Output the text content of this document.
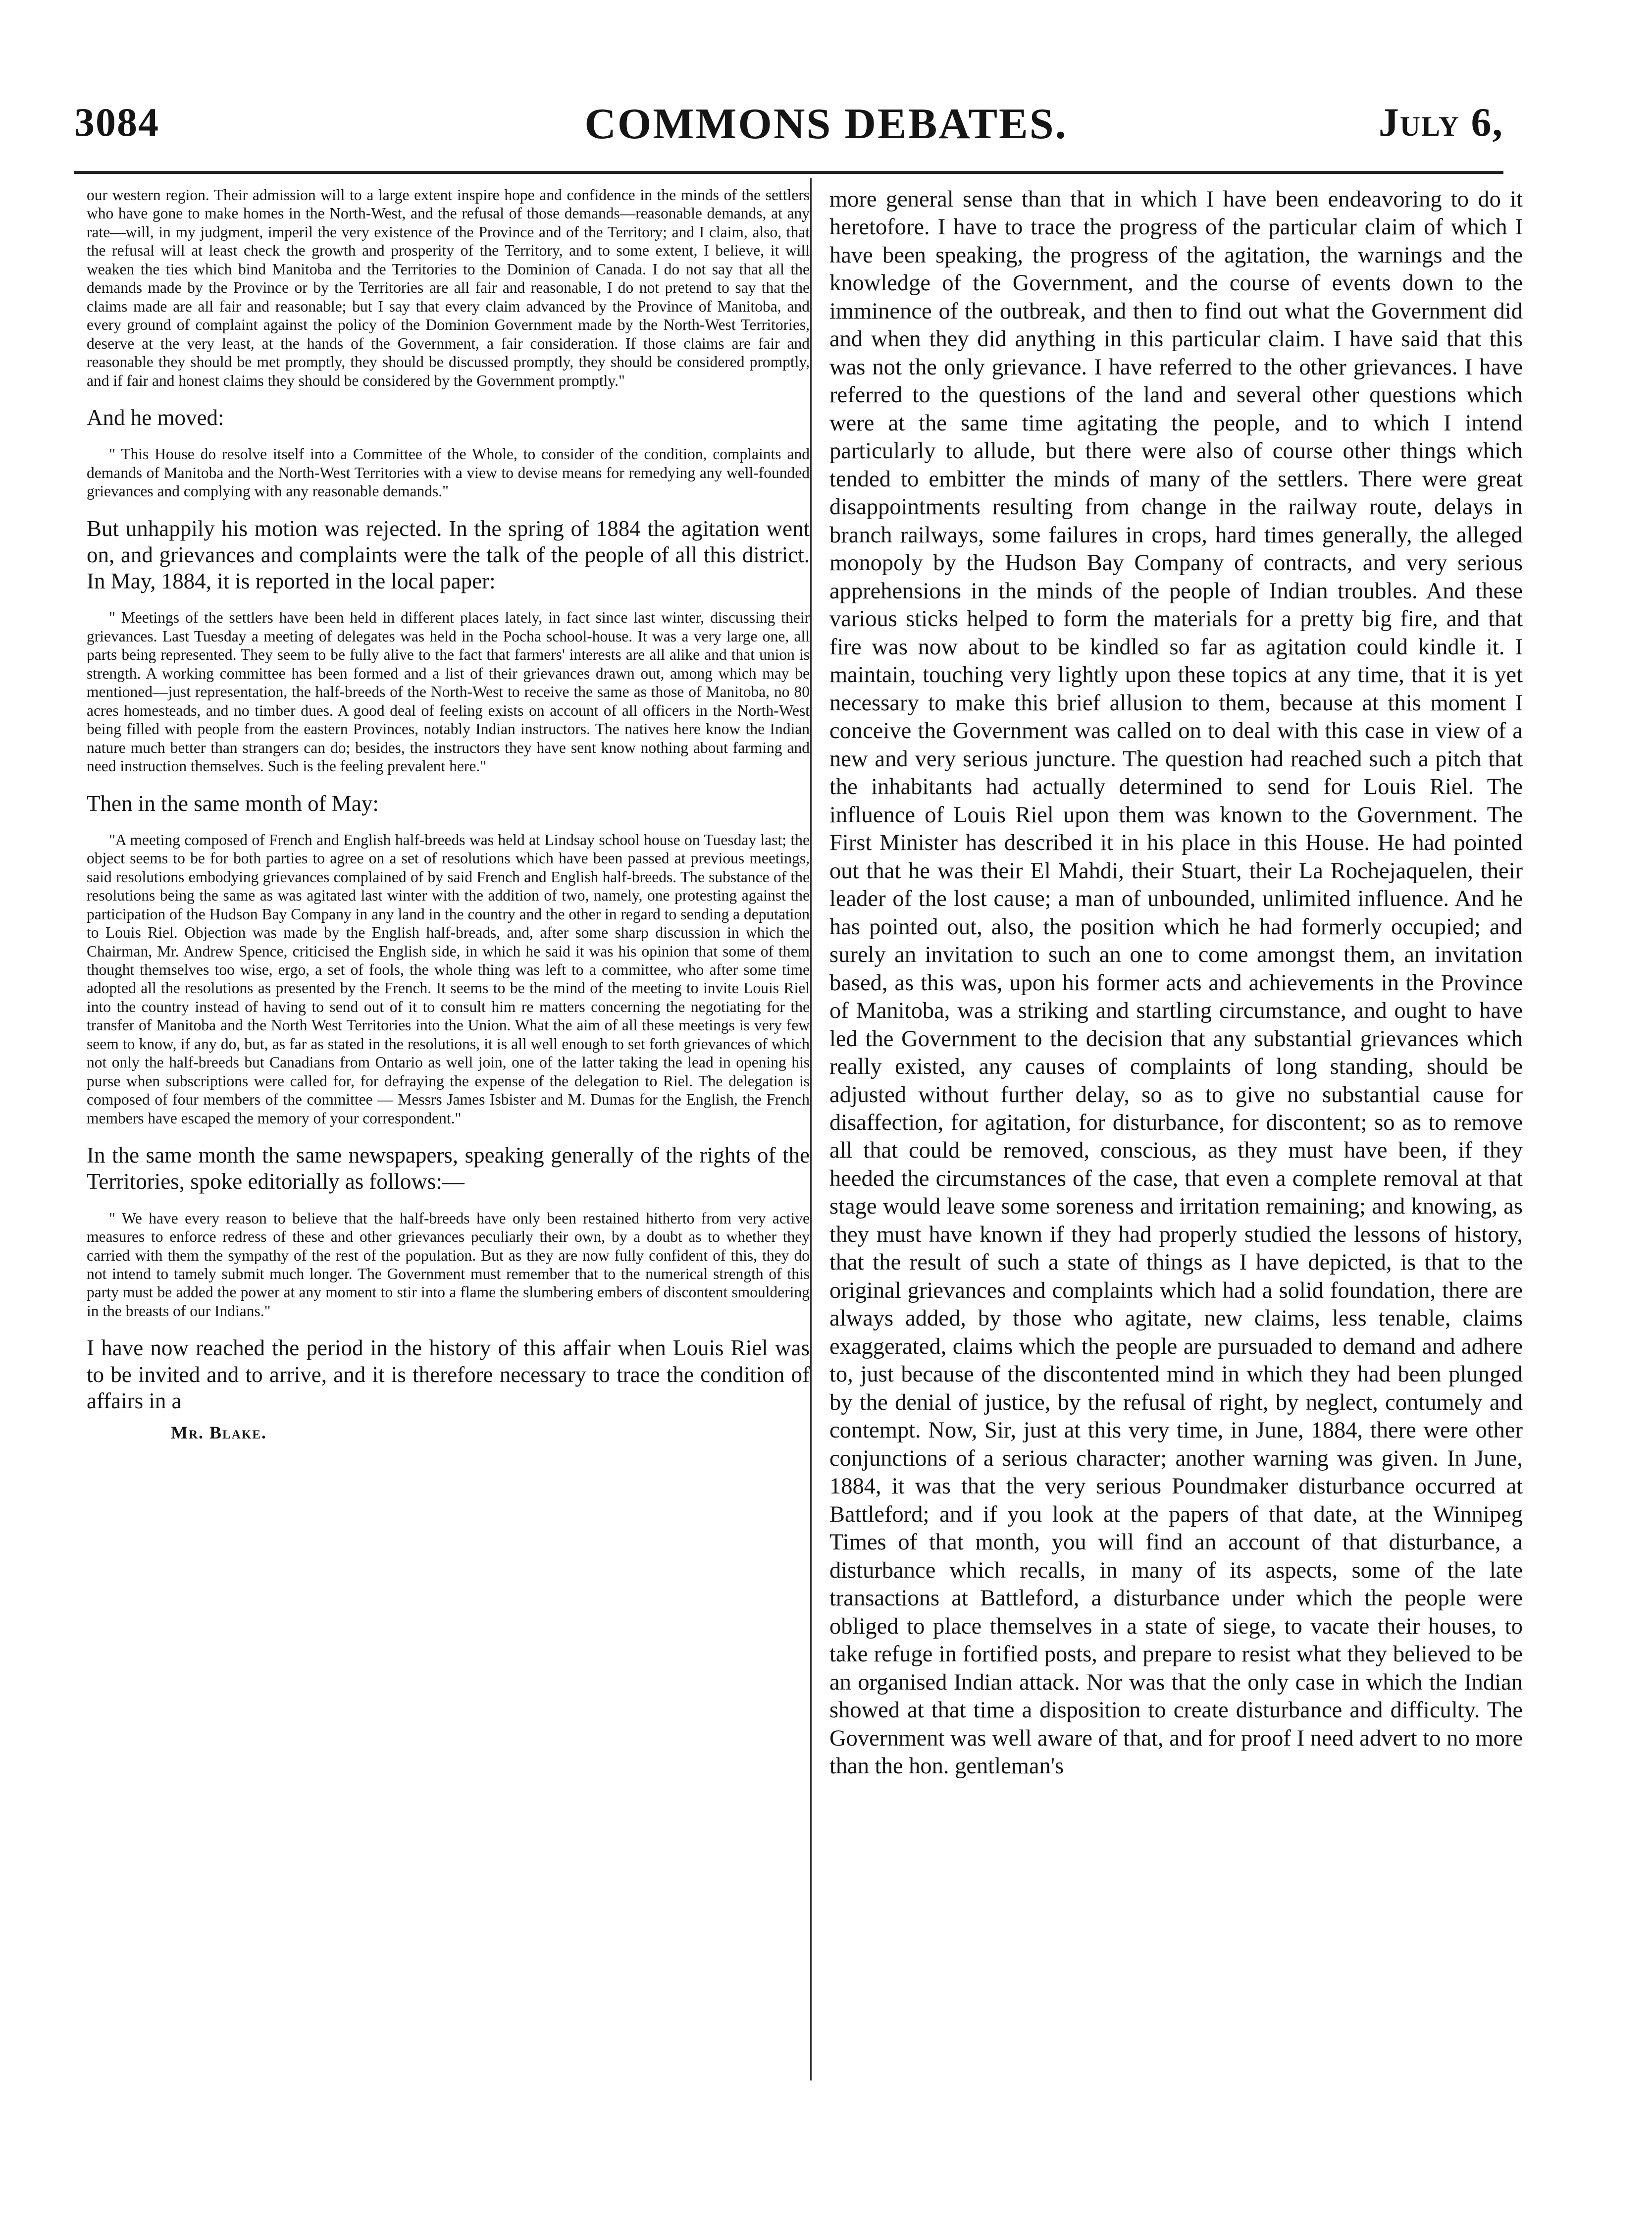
3084	COMMONS DEBATES.	July 6,

our western region. Their admission will to a large extent inspire hope and confidence in the minds of the settlers who have gone to make homes in the North-West, and the refusal of those demands—reasonable demands, at any rate—will, in my judgment, imperil the very existence of the Province and of the Territory; and I claim, also, that the refusal will at least check the growth and prosperity of the Territory, and to some extent, I believe, it will weaken the ties which bind Manitoba and the Territories to the Dominion of Canada. I do not say that all the demands made by the Province or by the Territories are all fair and reasonable, I do not pretend to say that the claims made are all fair and reasonable; but I say that every claim advanced by the Province of Manitoba, and every ground of complaint against the policy of the Dominion Government made by the North-West Territories, deserve at the very least, at the hands of the Government, a fair consideration. If those claims are fair and reasonable they should be met promptly, they should be discussed promptly, they should be considered promptly, and if fair and honest claims they should be considered by the Government promptly."

And he moved:

" This House do resolve itself into a Committee of the Whole, to consider of the condition, complaints and demands of Manitoba and the North-West Territories with a view to devise means for remedying any well-founded grievances and complying with any reasonable demands."

But unhappily his motion was rejected. In the spring of 1884 the agitation went on, and grievances and complaints were the talk of the people of all this district. In May, 1884, it is reported in the local paper:

" Meetings of the settlers have been held in different places lately, in fact since last winter, discussing their grievances. Last Tuesday a meeting of delegates was held in the Pocha school-house. It was a very large one, all parts being represented. They seem to be fully alive to the fact that farmers' interests are all alike and that union is strength. A working committee has been formed and a list of their grievances drawn out, among which may be mentioned—just representation, the half-breeds of the North-West to receive the same as those of Manitoba, no 80 acres homesteads, and no timber dues. A good deal of feeling exists on account of all officers in the North-West being filled with people from the eastern Provinces, notably Indian instructors. The natives here know the Indian nature much better than strangers can do; besides, the instructors they have sent know nothing about farming and need instruction themselves. Such is the feeling prevalent here."

Then in the same month of May:

"A meeting composed of French and English half-breeds was held at Lindsay school house on Tuesday last; the object seems to be for both parties to agree on a set of resolutions which have been passed at previous meetings, said resolutions embodying grievances complained of by said French and English half-breeds. The substance of the resolutions being the same as was agitated last winter with the addition of two, namely, one protesting against the participation of the Hudson Bay Company in any land in the country and the other in regard to sending a deputation to Louis Riel. Objection was made by the English half-breads, and, after some sharp discussion in which the Chairman, Mr. Andrew Spence, criticised the English side, in which he said it was his opinion that some of them thought themselves too wise, ergo, a set of fools, the whole thing was left to a committee, who after some time adopted all the resolutions as presented by the French. It seems to be the mind of the meeting to invite Louis Riel into the country instead of having to send out of it to consult him re matters concerning the negotiating for the transfer of Manitoba and the North West Territories into the Union. What the aim of all these meetings is very few seem to know, if any do, but, as far as stated in the resolutions, it is all well enough to set forth grievances of which not only the half-breeds but Canadians from Ontario as well join, one of the latter taking the lead in opening his purse when subscriptions were called for, for defraying the expense of the delegation to Riel. The delegation is composed of four members of the committee — Messrs James Isbister and M. Dumas for the English, the French members have escaped the memory of your correspondent."

In the same month the same newspapers, speaking generally of the rights of the Territories, spoke editorially as follows:—

" We have every reason to believe that the half-breeds have only been restained hitherto from very active measures to enforce redress of these and other grievances peculiarly their own, by a doubt as to whether they carried with them the sympathy of the rest of the population. But as they are now fully confident of this, they do not intend to tamely submit much longer. The Government must remember that to the numerical strength of this party must be added the power at any moment to stir into a flame the slumbering embers of discontent smouldering in the breasts of our Indians."

I have now reached the period in the history of this affair when Louis Riel was to be invited and to arrive, and it is therefore necessary to trace the condition of affairs in a

Mr. Blake.

more general sense than that in which I have been endeavoring to do it heretofore. I have to trace the progress of the particular claim of which I have been speaking, the progress of the agitation, the warnings and the knowledge of the Government, and the course of events down to the imminence of the outbreak, and then to find out what the Government did and when they did anything in this particular claim. I have said that this was not the only grievance. I have referred to the other grievances. I have referred to the questions of the land and several other questions which were at the same time agitating the people, and to which I intend particularly to allude, but there were also of course other things which tended to embitter the minds of many of the settlers. There were great disappointments resulting from change in the railway route, delays in branch railways, some failures in crops, hard times generally, the alleged monopoly by the Hudson Bay Company of contracts, and very serious apprehensions in the minds of the people of Indian troubles. And these various sticks helped to form the materials for a pretty big fire, and that fire was now about to be kindled so far as agitation could kindle it. I maintain, touching very lightly upon these topics at any time, that it is yet necessary to make this brief allusion to them, because at this moment I conceive the Government was called on to deal with this case in view of a new and very serious juncture. The question had reached such a pitch that the inhabitants had actually determined to send for Louis Riel. The influence of Louis Riel upon them was known to the Government. The First Minister has described it in his place in this House. He had pointed out that he was their El Mahdi, their Stuart, their La Rochejaquelen, their leader of the lost cause; a man of unbounded, unlimited influence. And he has pointed out, also, the position which he had formerly occupied; and surely an invitation to such an one to come amongst them, an invitation based, as this was, upon his former acts and achievements in the Province of Manitoba, was a striking and startling circumstance, and ought to have led the Government to the decision that any substantial grievances which really existed, any causes of complaints of long standing, should be adjusted without further delay, so as to give no substantial cause for disaffection, for agitation, for disturbance, for discontent; so as to remove all that could be removed, conscious, as they must have been, if they heeded the circumstances of the case, that even a complete removal at that stage would leave some soreness and irritation remaining; and knowing, as they must have known if they had properly studied the lessons of history, that the result of such a state of things as I have depicted, is that to the original grievances and complaints which had a solid foundation, there are always added, by those who agitate, new claims, less tenable, claims exaggerated, claims which the people are pursuaded to demand and adhere to, just because of the discontented mind in which they had been plunged by the denial of justice, by the refusal of right, by neglect, contumely and contempt. Now, Sir, just at this very time, in June, 1884, there were other conjunctions of a serious character; another warning was given. In June, 1884, it was that the very serious Poundmaker disturbance occurred at Battleford; and if you look at the papers of that date, at the Winnipeg Times of that month, you will find an account of that disturbance, a disturbance which recalls, in many of its aspects, some of the late transactions at Battleford, a disturbance under which the people were obliged to place themselves in a state of siege, to vacate their houses, to take refuge in fortified posts, and prepare to resist what they believed to be an organised Indian attack. Nor was that the only case in which the Indian showed at that time a disposition to create disturbance and difficulty. The Government was well aware of that, and for proof I need advert to no more than the hon. gentleman's
